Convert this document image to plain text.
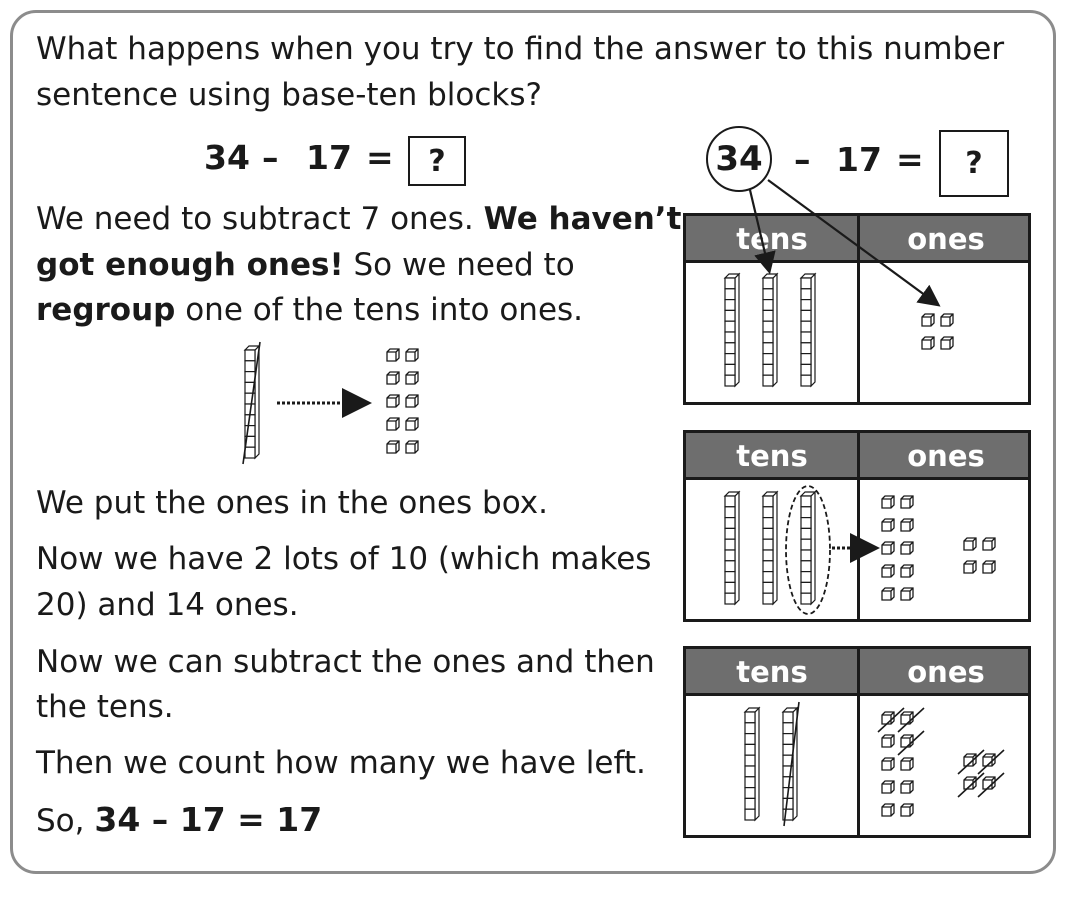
What happens when you try to find the answer to this number
sentence using base-ten blocks?
34 – 17 =	?
We need to subtract 7 ones. We haven’t
got enough ones! So we need to
regroup one of the tens into ones.
We put the ones in the ones box.
Now we have 2 lots of 10 (which makes
20) and 14 ones.
Now we can subtract the ones and then
the tens.
Then we count how many we have left.
So, 34 – 17 = 17
34 – 17 =	?
tens	ones
tens	ones
tens	ones
